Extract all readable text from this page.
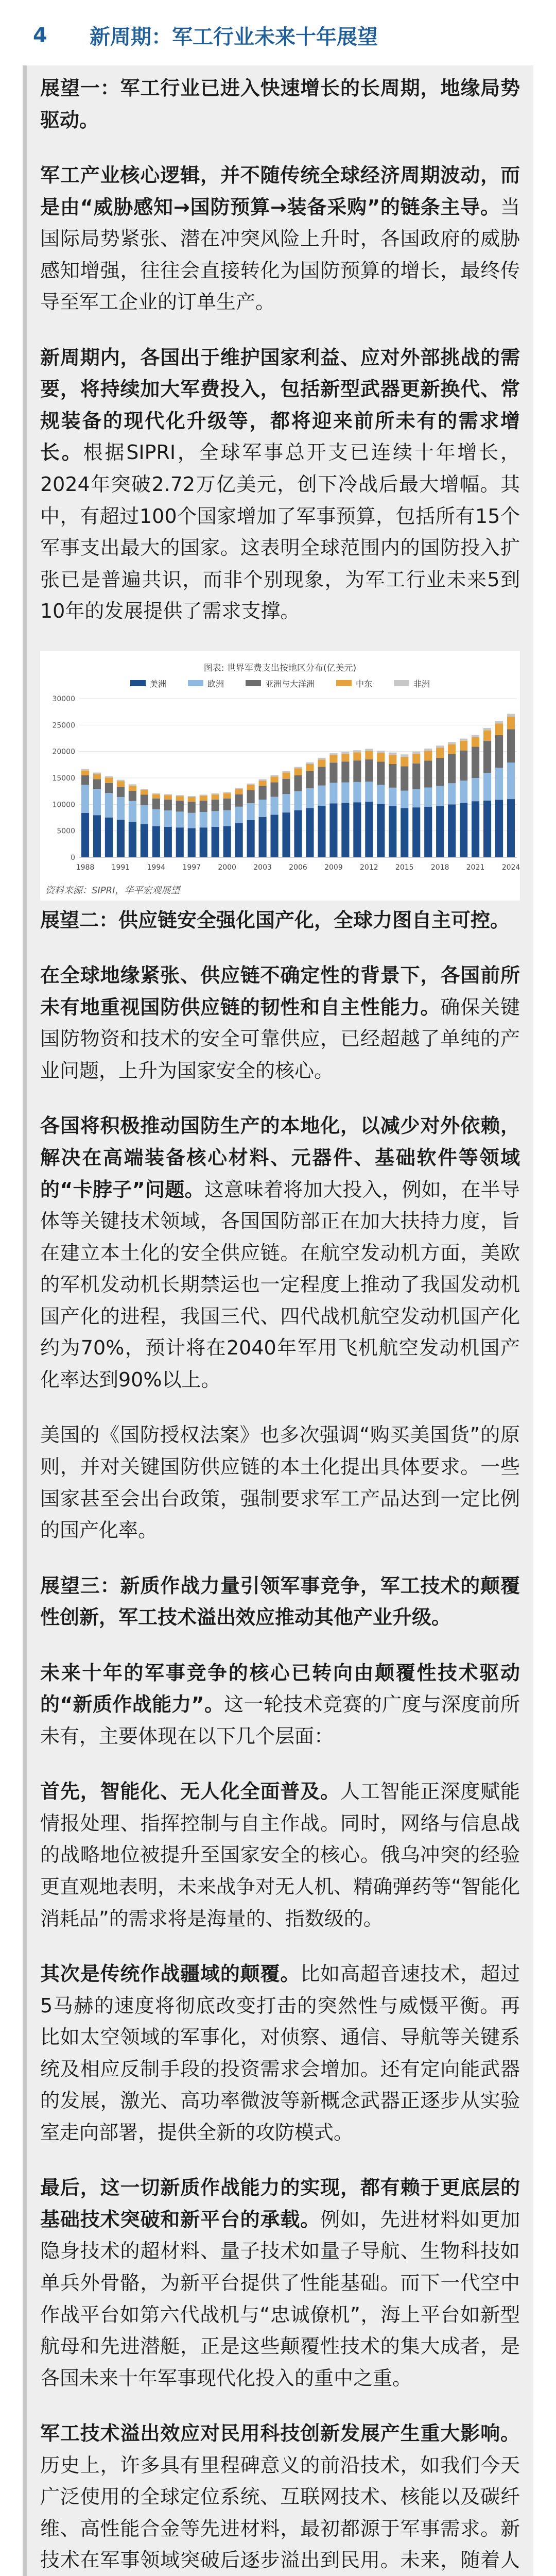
4	新周期：军工行业未来十年展望

展望一：军工行业已进入快速增长的长周期，地缘局势驱动。

军工产业核心逻辑，并不随传统全球经济周期波动，而是由“威胁感知→国防预算→装备采购”的链条主导。当国际局势紧张、潜在冲突风险上升时，各国政府的威胁感知增强，往往会直接转化为国防预算的增长，最终传导至军工企业的订单生产。

新周期内，各国出于维护国家利益、应对外部挑战的需要，将持续加大军费投入，包括新型武器更新换代、常规装备的现代化升级等，都将迎来前所未有的需求增长。根据SIPRI，全球军事总开支已连续十年增长，2024年突破2.72万亿美元，创下冷战后最大增幅。其中，有超过100个国家增加了军事预算，包括所有15个军事支出最大的国家。这表明全球范围内的国防投入扩张已是普遍共识，而非个别现象，为军工行业未来5到10年的发展提供了需求支撑。

图表: 世界军费支出按地区分布(亿美元)
美洲	欧洲	亚洲与大洋洲	中东	非洲
0
5000
10000
15000
20000
25000
30000
1988 1991 1994 1997 2000 2003 2006 2009 2012 2015 2018 2021 2024
资料来源：SIPRI，华平宏观展望

展望二：供应链安全强化国产化，全球力图自主可控。

在全球地缘紧张、供应链不确定性的背景下，各国前所未有地重视国防供应链的韧性和自主性能力。确保关键国防物资和技术的安全可靠供应，已经超越了单纯的产业问题，上升为国家安全的核心。

各国将积极推动国防生产的本地化，以减少对外依赖，解决在高端装备核心材料、元器件、基础软件等领域的“卡脖子”问题。这意味着将加大投入，例如，在半导体等关键技术领域，各国国防部正在加大扶持力度，旨在建立本土化的安全供应链。在航空发动机方面，美欧的军机发动机长期禁运也一定程度上推动了我国发动机国产化的进程，我国三代、四代战机航空发动机国产化约为70%，预计将在2040年军用飞机航空发动机国产化率达到90%以上。

美国的《国防授权法案》也多次强调“购买美国货”的原则，并对关键国防供应链的本土化提出具体要求。一些国家甚至会出台政策，强制要求军工产品达到一定比例的国产化率。

展望三：新质作战力量引领军事竞争，军工技术的颠覆性创新，军工技术溢出效应推动其他产业升级。

未来十年的军事竞争的核心已转向由颠覆性技术驱动的“新质作战能力”。这一轮技术竞赛的广度与深度前所未有，主要体现在以下几个层面：

首先，智能化、无人化全面普及。人工智能正深度赋能情报处理、指挥控制与自主作战。同时，网络与信息战的战略地位被提升至国家安全的核心。俄乌冲突的经验更直观地表明，未来战争对无人机、精确弹药等“智能化消耗品”的需求将是海量的、指数级的。

其次是传统作战疆域的颠覆。比如高超音速技术，超过5马赫的速度将彻底改变打击的突然性与威慑平衡。再比如太空领域的军事化，对侦察、通信、导航等关键系统及相应反制手段的投资需求会增加。还有定向能武器的发展，激光、高功率微波等新概念武器正逐步从实验室走向部署，提供全新的攻防模式。

最后，这一切新质作战能力的实现，都有赖于更底层的基础技术突破和新平台的承载。例如，先进材料如更加隐身技术的超材料、量子技术如量子导航、生物科技如单兵外骨骼，为新平台提供了性能基础。而下一代空中作战平台如第六代战机与“忠诚僚机”，海上平台如新型航母和先进潜艇，正是这些颠覆性技术的集大成者，是各国未来十年军事现代化投入的重中之重。

军工技术溢出效应对民用科技创新发展产生重大影响。历史上，许多具有里程碑意义的前沿技术，如我们今天广泛使用的全球定位系统、互联网技术、核能以及碳纤维、高性能合金等先进材料，最初都源于军事需求。新技术在军事领域突破后逐步溢出到民用。未来，随着人
